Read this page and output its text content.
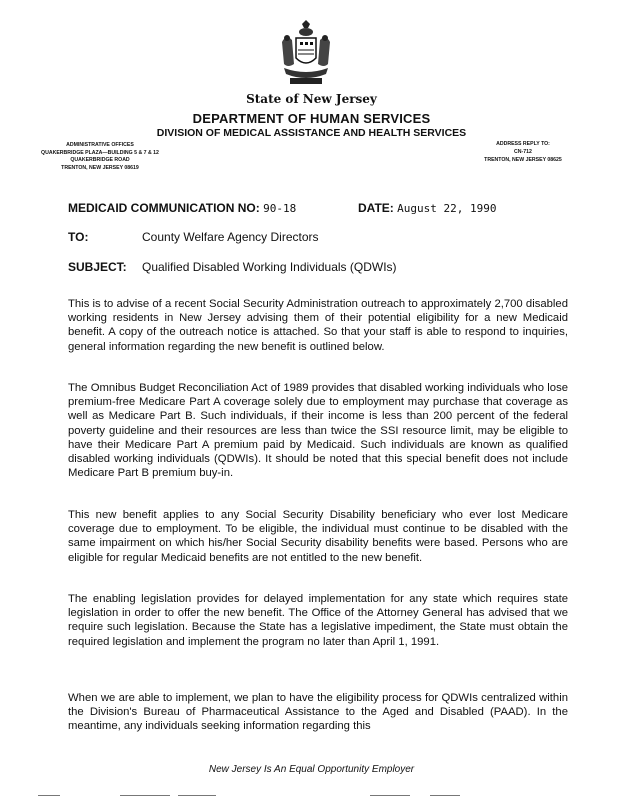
State of New Jersey
DEPARTMENT OF HUMAN SERVICES
DIVISION OF MEDICAL ASSISTANCE AND HEALTH SERVICES
ADMINISTRATIVE OFFICES
QUAKERBRIDGE PLAZA—BUILDING 5 & 7 & 12
QUAKERBRIDGE ROAD
TRENTON, NEW JERSEY 08619
ADDRESS REPLY TO:
CN-712
TRENTON, NEW JERSEY 08625
MEDICAID COMMUNICATION NO: 90-18	DATE: August 22, 1990
TO:	County Welfare Agency Directors
SUBJECT: Qualified Disabled Working Individuals (QDWIs)
This is to advise of a recent Social Security Administration outreach to approximately 2,700 disabled working residents in New Jersey advising them of their potential eligibility for a new Medicaid benefit. A copy of the outreach notice is attached. So that your staff is able to respond to inquiries, general information regarding the new benefit is outlined below.
The Omnibus Budget Reconciliation Act of 1989 provides that disabled working individuals who lose premium-free Medicare Part A coverage solely due to employment may purchase that coverage as well as Medicare Part B. Such individuals, if their income is less than 200 percent of the federal poverty guideline and their resources are less than twice the SSI resource limit, may be eligible to have their Medicare Part A premium paid by Medicaid. Such individuals are known as qualified disabled working individuals (QDWIs). It should be noted that this special benefit does not include Medicare Part B premium buy-in.
This new benefit applies to any Social Security Disability beneficiary who ever lost Medicare coverage due to employment. To be eligible, the individual must continue to be disabled with the same impairment on which his/her Social Security disability benefits were based. Persons who are eligible for regular Medicaid benefits are not entitled to the new benefit.
The enabling legislation provides for delayed implementation for any state which requires state legislation in order to offer the new benefit. The Office of the Attorney General has advised that we require such legislation. Because the State has a legislative impediment, the State must obtain the required legislation and implement the program no later than April 1, 1991.
When we are able to implement, we plan to have the eligibility process for QDWIs centralized within the Division's Bureau of Pharmaceutical Assistance to the Aged and Disabled (PAAD). In the meantime, any individuals seeking information regarding this
New Jersey Is An Equal Opportunity Employer
